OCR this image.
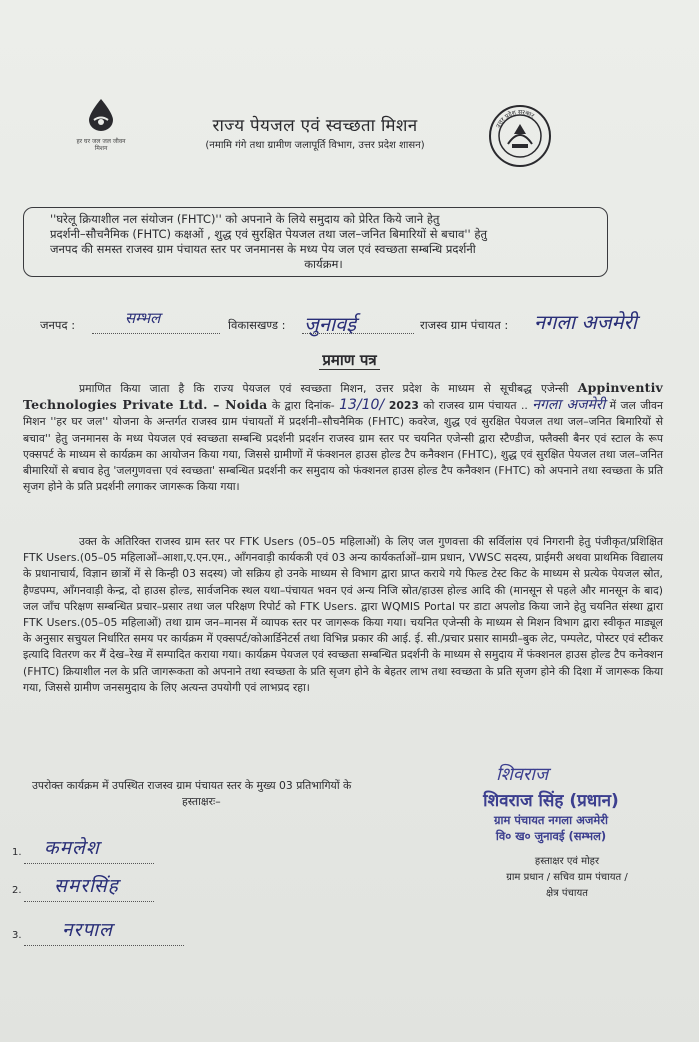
हर घर जल जल जीवन मिशन
राज्य पेयजल एवं स्वच्छता मिशन
(नमामि गंगे तथा ग्रामीण जलापूर्ति विभाग, उत्तर प्रदेश शासन)
उत्तर प्रदेश सरकार

''घरेलू क्रियाशील नल संयोजन (FHTC)'' को अपनाने के लिये समुदाय को प्रेरित किये जाने हेतु

प्रदर्शनी–सोैचनैमिक (FHTC) कक्षओं , शुद्ध एवं सुरक्षित पेयजल तथा जल–जनित बिमारियों से बचाव'' हेतु

जनपद की समस्त राजस्व ग्राम पंचायत स्तर पर जनमानस के मध्य पेय जल एवं स्वच्छता सम्बन्धि प्रदर्शनी

कार्यक्रम।

जनपद :	सम्भल	विकासखण्ड : जुनावई	राजस्व ग्राम पंचायत : नगला अजमेरी
प्रमाण पत्र

प्रमाणित किया जाता है कि राज्य पेयजल एवं स्वच्छता मिशन, उत्तर प्रदेश के माध्यम से सूचीबद्ध एजेन्सी Appinventiv Technologies Private Ltd. – Noida के द्वारा दिनांक- 13/10/ 2023 को राजस्व ग्राम पंचायत .. नगला अजमेरी में जल जीवन मिशन ''हर घर जल'' योजना के अन्तर्गत राजस्व ग्राम पंचायतों में प्रदर्शनी–सौचनैमिक (FHTC) कवरेज, शुद्ध एवं सुरक्षित पेयजल तथा जल–जनित बिमारियों से बचाव'' हेतु जनमानस के मध्य पेयजल एवं स्वच्छता सम्बन्धि प्रदर्शनी प्रदर्शन राजस्व ग्राम स्तर पर चयनित एजेन्सी द्वारा स्टैण्डीज, फ्लैक्सी बैनर एवं स्टाल के रूप एक्सपर्ट के माध्यम से कार्यक्रम का आयोजन किया गया, जिससे ग्रामीणों में फंक्शनल हाउस होल्ड टैप कनैक्शन (FHTC), शुद्ध एवं सुरक्षित पेयजल तथा जल–जनित बीमारियों से बचाव हेतु 'जलगुणवत्ता एवं स्वच्छता' सम्बन्धित प्रदर्शनी कर समुदाय को फंक्शनल हाउस होल्ड टैप कनैक्शन (FHTC) को अपनाने तथा स्वच्छता के प्रति सृजग होने के प्रति प्रदर्शनी लगाकर जागरूक किया गया।

उक्त के अतिरिक्त राजस्व ग्राम स्तर पर FTK Users (05–05 महिलाओं) के लिए जल गुणवत्ता की सर्विलांस एवं निगरानी हेतु पंजीकृत/प्रशिक्षित FTK Users.(05–05 महिलाओं–आशा,ए.एन.एम., आँगनवाड़ी कार्यकत्री एवं 03 अन्य कार्यकर्ताओं–ग्राम प्रधान, VWSC सदस्य, प्राईमरी अथवा प्राथमिक विद्यालय के प्रधानाचार्य, विज्ञान छात्रों में से किन्ही 03 सदस्य) जो सक्रिय हो उनके माध्यम से विभाग द्वारा प्राप्त कराये गये फिल्ड टेस्ट किट के माध्यम से प्रत्येक पेयजल स्रोत, हैण्डपम्प, आँगनवाड़ी केन्द्र, दो हाउस होल्ड, सार्वजनिक स्थल यथा–पंचायत भवन एवं अन्य निजि स्रोत/हाउस होल्ड आदि की (मानसून से पहले और मानसून के बाद) जल जाँच परिक्षण सम्बन्धित प्रचार–प्रसार तथा जल परिक्षण रिपोर्ट को FTK Users. द्वारा WQMIS Portal पर डाटा अपलोड किया जाने हेतु चयनित संस्था द्वारा FTK Users.(05–05 महिलाओं) तथा ग्राम जन–मानस में व्यापक स्तर पर जागरूक किया गया। चयनित एजेन्सी के माध्यम से मिशन विभाग द्वारा स्वीकृत माड्यूल के अनुसार सचुयल निर्धारित समय पर कार्यक्रम में एक्सपर्ट/कोआर्डिनेटर्स तथा विभिन्न प्रकार की आई. ई. सी./प्रचार प्रसार सामग्री–बुक लेट, पम्पलेट, पोस्टर एवं स्टीकर इत्यादि वितरण कर मैं देख–रेख में सम्पादित कराया गया। कार्यक्रम पेयजल एवं स्वच्छता सम्बन्धित प्रदर्शनी के माध्यम से समुदाय में फंक्शनल हाउस होल्ड टैप कनेक्शन (FHTC) क्रियाशील नल के प्रति जागरूकता को अपनाने तथा स्वच्छता के प्रति सृजग होने के बेहतर लाभ तथा स्वच्छता के प्रति सृजग होने की दिशा में जागरूक किया गया, जिससे ग्रामीण जनसमुदाय के लिए अत्यन्त उपयोगी एवं लाभप्रद रहा।

उपरोक्त कार्यक्रम में उपस्थित राजस्व ग्राम पंचायत स्तर के मुख्य 03 प्रतिभागियों के
हस्ताक्षरः–
1. कमलेश
2. समरसिंह
3. नरपाल
शिवराज
शिवराज सिंह (प्रधान)
ग्राम पंचायत नगला अजमेरी
वि० ख० जुनावई (सम्भल)
हस्ताक्षर एवं मोहर
ग्राम प्रधान / सचिव ग्राम पंचायत /
क्षेत्र पंचायत
